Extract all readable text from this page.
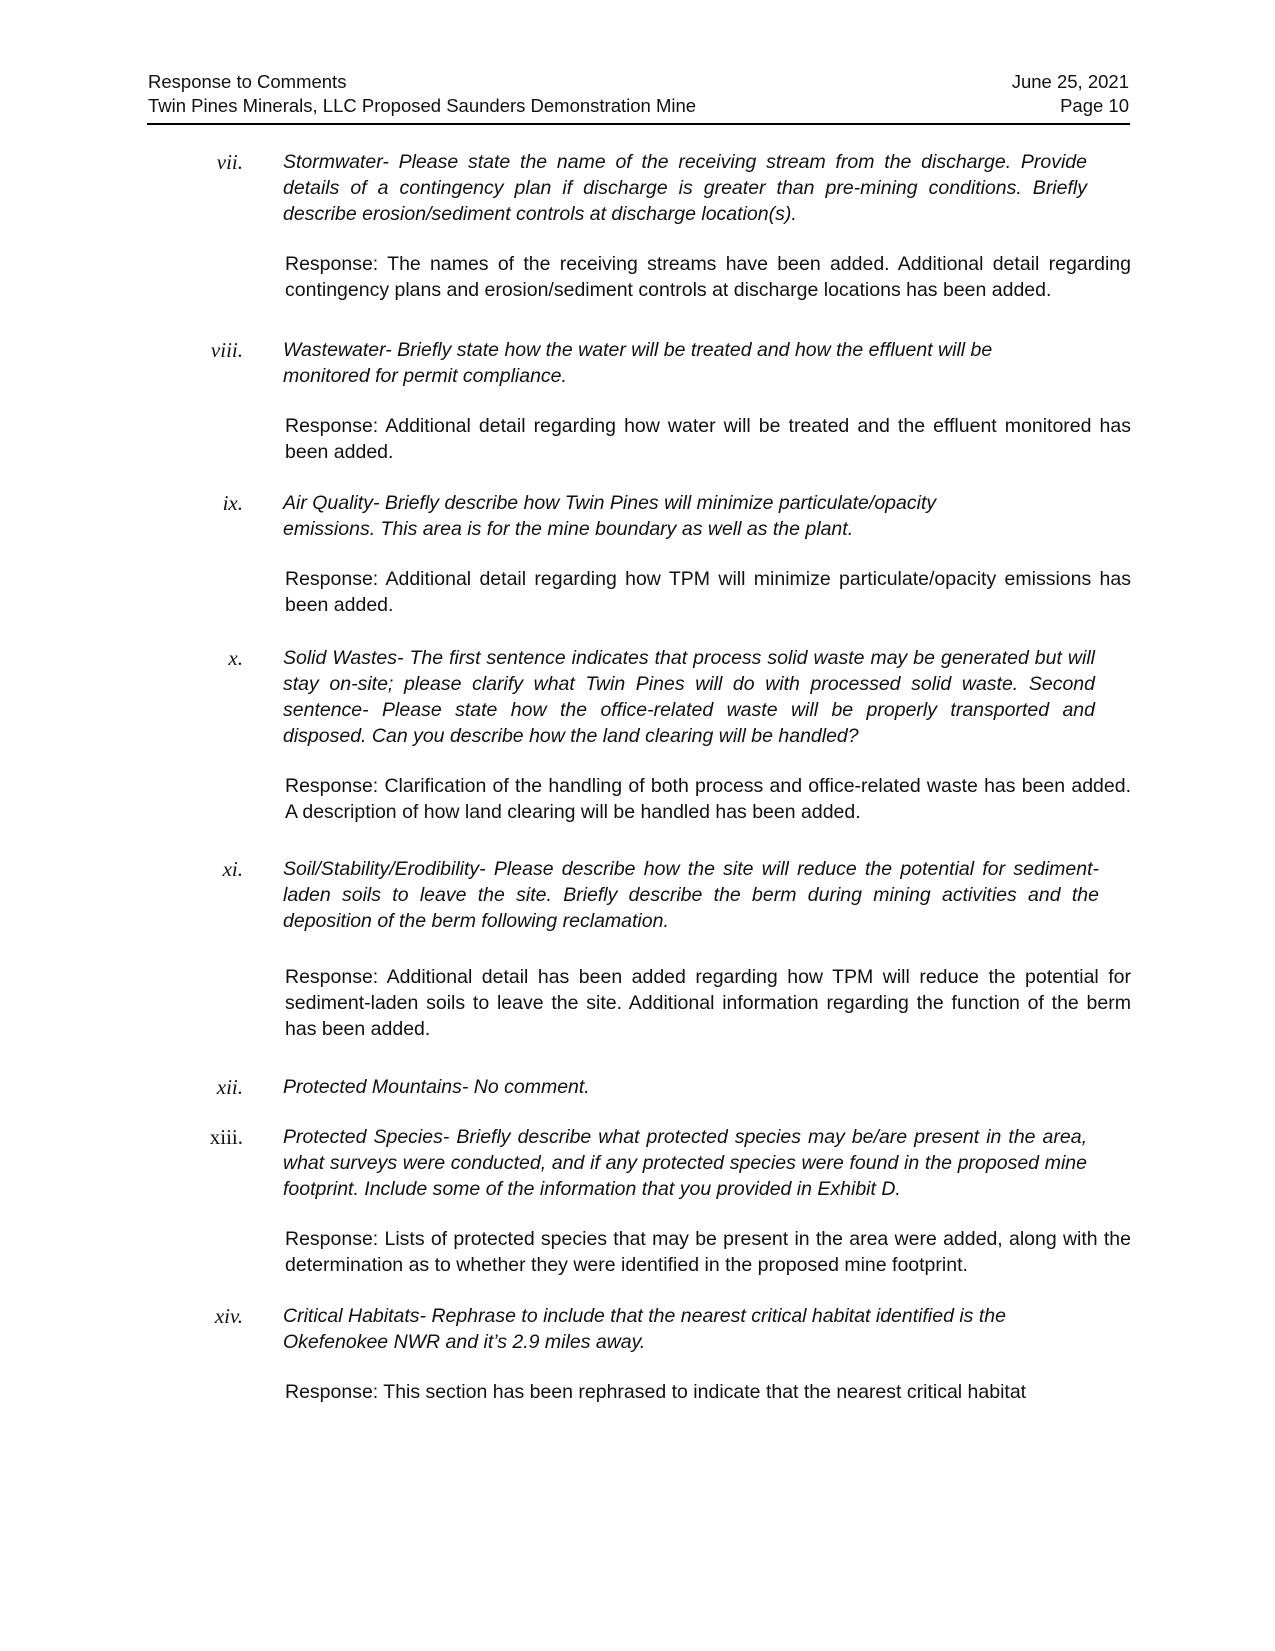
Response to Comments	June 25, 2021
Twin Pines Minerals, LLC Proposed Saunders Demonstration Mine	Page 10
vii. Stormwater- Please state the name of the receiving stream from the discharge. Provide details of a contingency plan if discharge is greater than pre-mining conditions. Briefly describe erosion/sediment controls at discharge location(s).

Response: The names of the receiving streams have been added. Additional detail regarding contingency plans and erosion/sediment controls at discharge locations has been added.

viii. Wastewater- Briefly state how the water will be treated and how the effluent will be monitored for permit compliance.

Response: Additional detail regarding how water will be treated and the effluent monitored has been added.

ix. Air Quality- Briefly describe how Twin Pines will minimize particulate/opacity emissions. This area is for the mine boundary as well as the plant.

Response: Additional detail regarding how TPM will minimize particulate/opacity emissions has been added.

x. Solid Wastes- The first sentence indicates that process solid waste may be generated but will stay on-site; please clarify what Twin Pines will do with processed solid waste. Second sentence- Please state how the office-related waste will be properly transported and disposed. Can you describe how the land clearing will be handled?

Response: Clarification of the handling of both process and office-related waste has been added. A description of how land clearing will be handled has been added.

xi. Soil/Stability/Erodibility- Please describe how the site will reduce the potential for sediment-laden soils to leave the site. Briefly describe the berm during mining activities and the deposition of the berm following reclamation.

Response: Additional detail has been added regarding how TPM will reduce the potential for sediment-laden soils to leave the site. Additional information regarding the function of the berm has been added.

xii. Protected Mountains- No comment.

xiii. Protected Species- Briefly describe what protected species may be/are present in the area, what surveys were conducted, and if any protected species were found in the proposed mine footprint. Include some of the information that you provided in Exhibit D.

Response: Lists of protected species that may be present in the area were added, along with the determination as to whether they were identified in the proposed mine footprint.

xiv. Critical Habitats- Rephrase to include that the nearest critical habitat identified is the Okefenokee NWR and it’s 2.9 miles away.

Response: This section has been rephrased to indicate that the nearest critical habitat
